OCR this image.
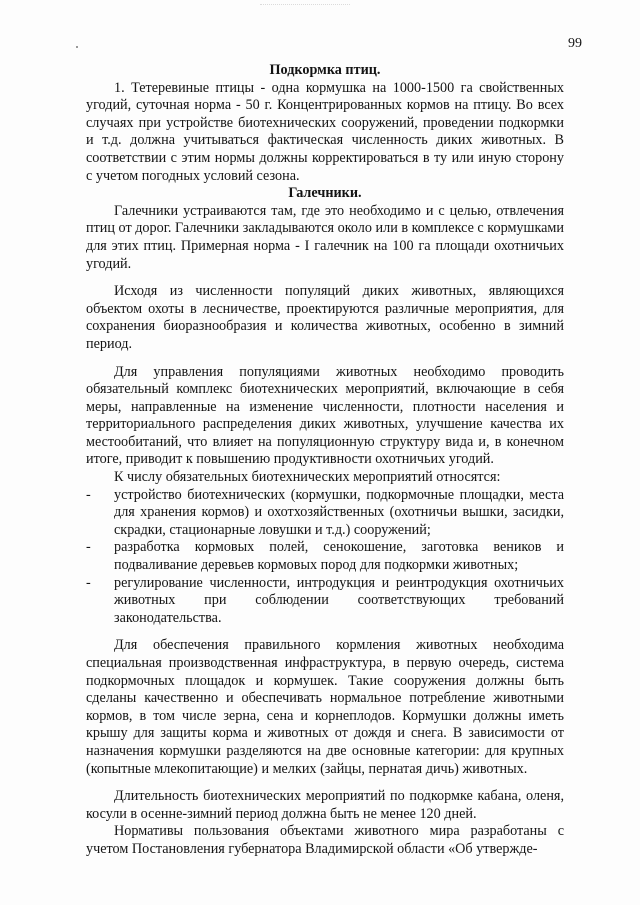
99

Подкормка птиц.

1. Тетеревиные птицы - одна кормушка на 1000-1500 га свойственных угодий, суточная норма - 50 г. Концентрированных кормов на птицу. Во всех случаях при устройстве биотехнических сооружений, проведении подкормки и т.д. должна учитываться фактическая численность диких животных. В соответствии с этим нормы должны корректироваться в ту или иную сторону с учетом погодных условий сезона.

Галечники.

Галечники устраиваются там, где это необходимо и с целью, отвлечения птиц от дорог. Галечники закладываются около или в комплексе с кормушками для этих птиц. Примерная норма - I галечник на 100 га площади охотничьих угодий.

Исходя из численности популяций диких животных, являющихся объектом охоты в лесничестве, проектируются различные мероприятия, для сохранения биоразнообразия и количества животных, особенно в зимний период.

Для управления популяциями животных необходимо проводить обязательный комплекс биотехнических мероприятий, включающие в себя меры, направленные на изменение численности, плотности населения и территориального распределения диких животных, улучшение качества их местообитаний, что влияет на популяционную структуру вида и, в конечном итоге, приводит к повышению продуктивности охотничьих угодий.

К числу обязательных биотехнических мероприятий относятся:

-	устройство биотехнических (кормушки, подкормочные площадки, места для хранения кормов) и охотхозяйственных (охотничьи вышки, засидки, скрадки, стационарные ловушки и т.д.) сооружений;
-	разработка кормовых полей, сенокошение, заготовка веников и подваливание деревьев кормовых пород для подкормки животных;
-	регулирование численности, интродукция и реинтродукция охотничьих животных при соблюдении соответствующих требований законодательства.

Для обеспечения правильного кормления животных необходима специальная производственная инфраструктура, в первую очередь, система подкормочных площадок и кормушек. Такие сооружения должны быть сделаны качественно и обеспечивать нормальное потребление животными кормов, в том числе зерна, сена и корнеплодов. Кормушки должны иметь крышу для защиты корма и животных от дождя и снега. В зависимости от назначения кормушки разделяются на две основные категории: для крупных (копытные млекопитающие) и мелких (зайцы, пернатая дичь) животных.

Длительность биотехнических мероприятий по подкормке кабана, оленя, косули в осенне-зимний период должна быть не менее 120 дней.

Нормативы пользования объектами животного мира разработаны с учетом Постановления губернатора Владимирской области «Об утвержде-
